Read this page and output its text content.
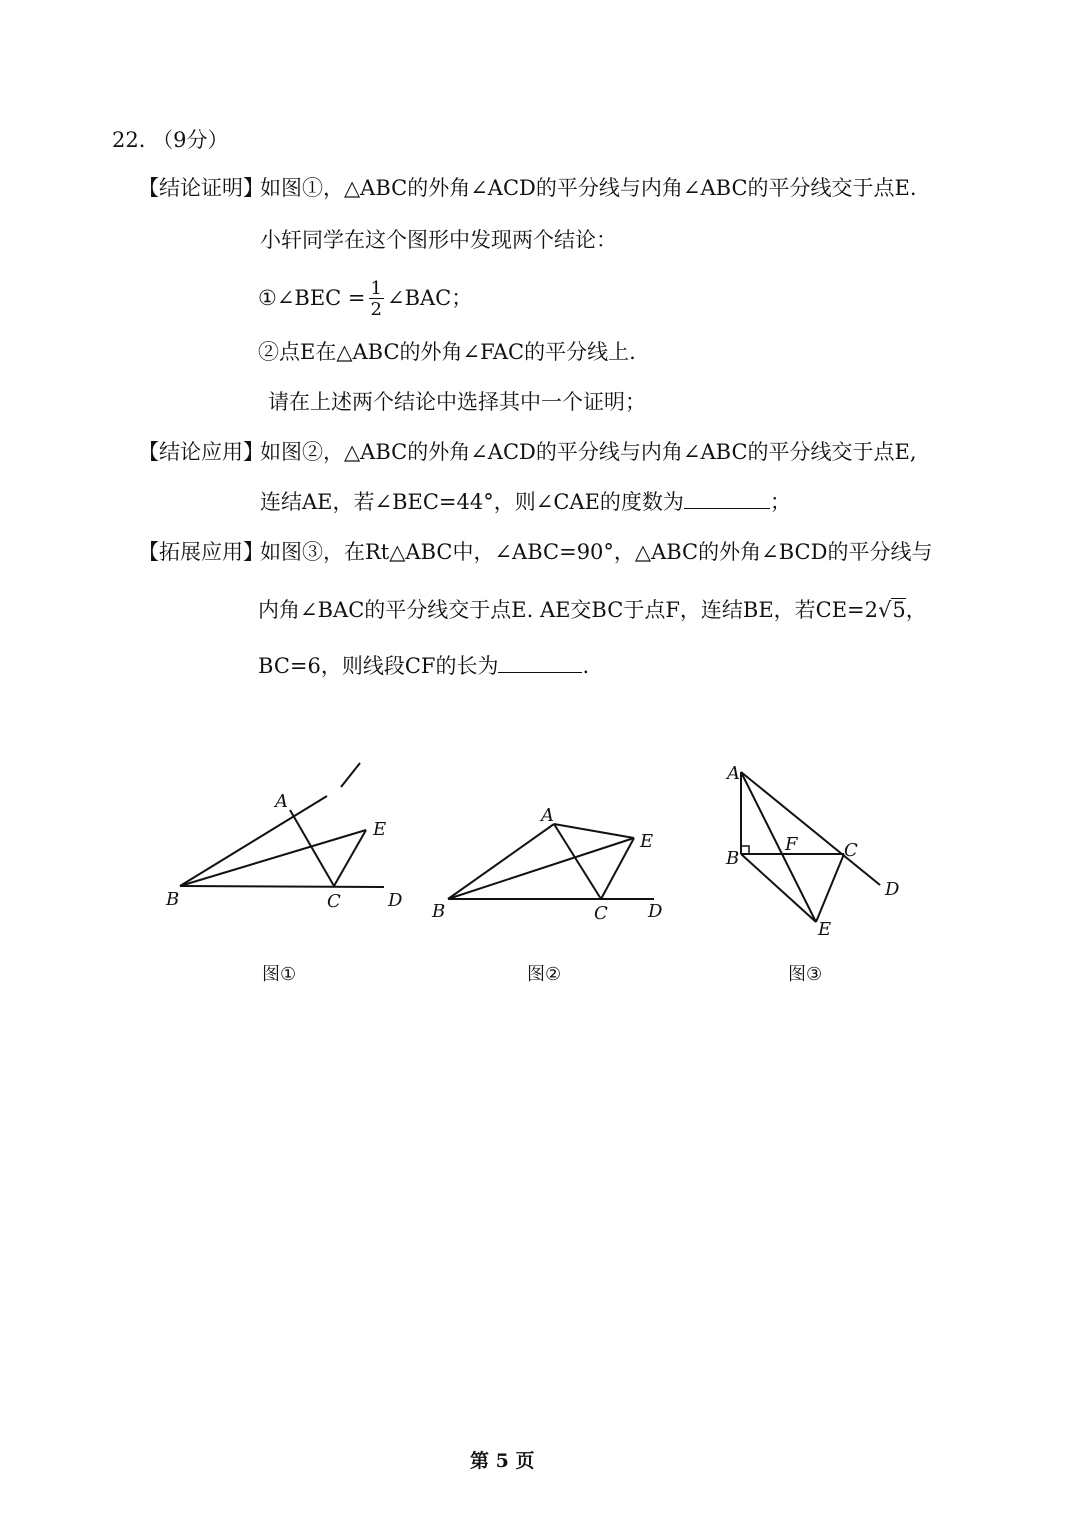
22. （9分）
【结论证明】
如图①，△ABC的外角∠ACD的平分线与内角∠ABC的平分线交于点E.
小轩同学在这个图形中发现两个结论：
①∠BEC = $\frac{1}{2}$ ∠BAC；
②点E在△ABC的外角∠FAC的平分线上.
请在上述两个结论中选择其中一个证明；
【结论应用】
如图②，△ABC的外角∠ACD的平分线与内角∠ABC的平分线交于点E,
连结AE，若∠BEC=44°，则∠CAE的度数为	；
【拓展应用】
如图③，在Rt△ABC中，∠ABC=90°，△ABC的外角∠BCD的平分线与
内角∠BAC的平分线交于点E. AE交BC于点F，连结BE，若CE=2√5，
BC=6，则线段CF的长为	.
A
B	C	D
E
图①
A
B	C D
E
图②
A
B	C
D
E
F
图③
第 5 页
